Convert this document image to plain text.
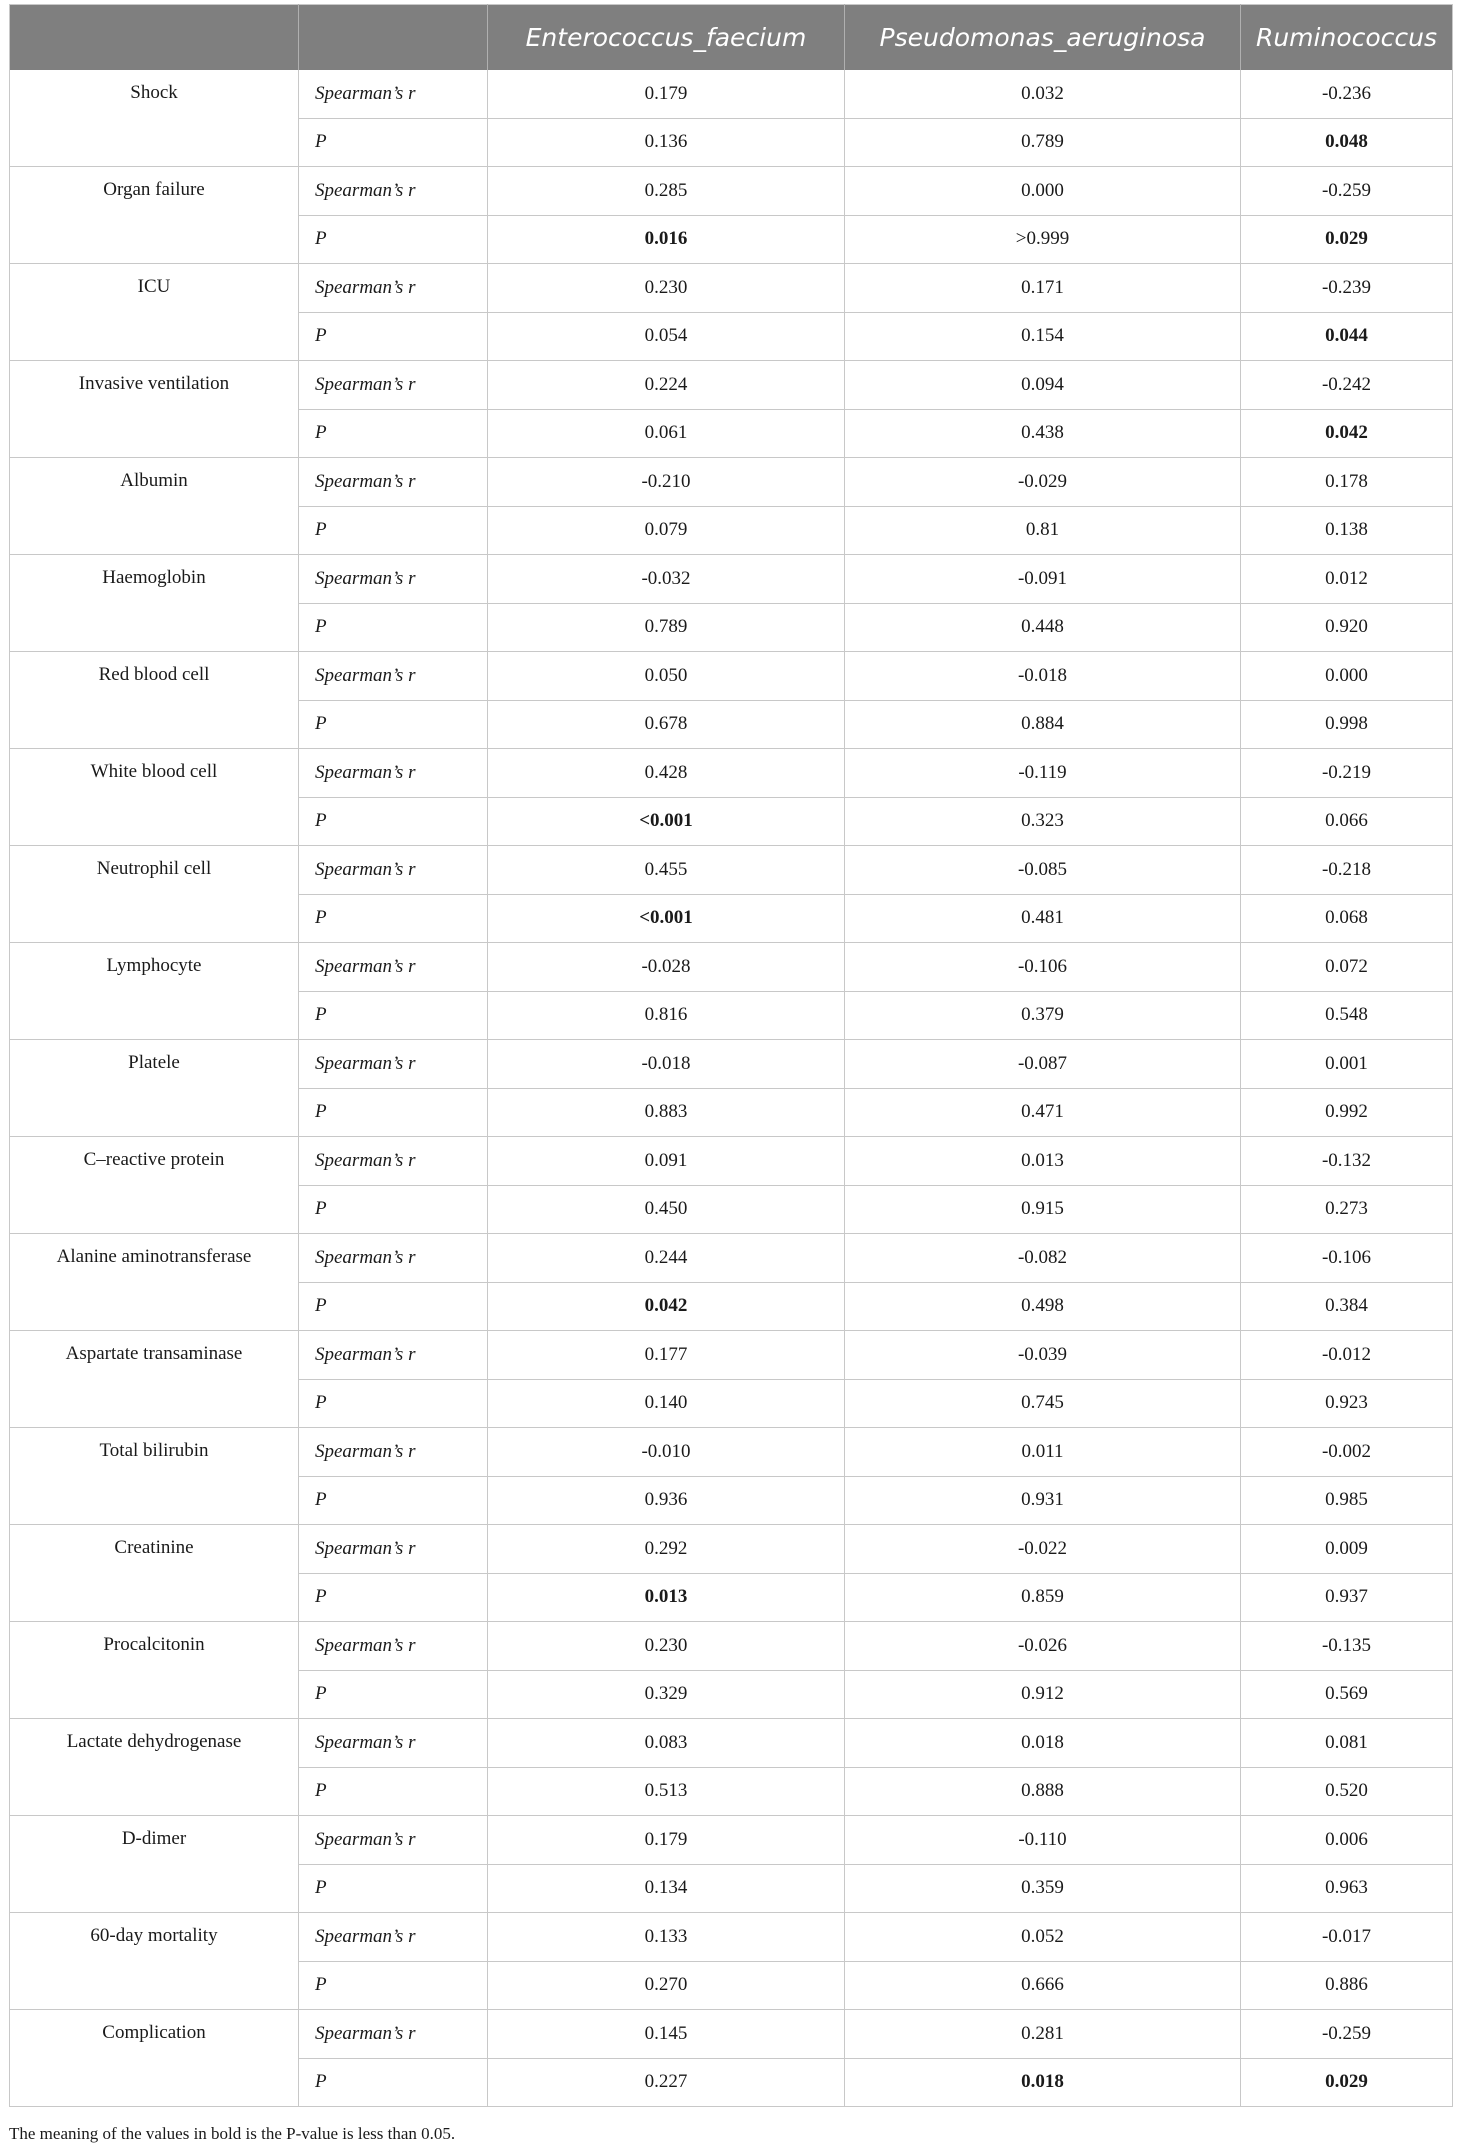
		Enterococcus_faecium	Pseudomonas_aeruginosa	Ruminococcus
Shock	Spearman’s r	0.179	0.032	-0.236
	P	0.136	0.789	0.048
Organ failure	Spearman’s r	0.285	0.000	-0.259
	P	0.016	>0.999	0.029
ICU	Spearman’s r	0.230	0.171	-0.239
	P	0.054	0.154	0.044
Invasive ventilation	Spearman’s r	0.224	0.094	-0.242
	P	0.061	0.438	0.042
Albumin	Spearman’s r	-0.210	-0.029	0.178
	P	0.079	0.81	0.138
Haemoglobin	Spearman’s r	-0.032	-0.091	0.012
	P	0.789	0.448	0.920
Red blood cell	Spearman’s r	0.050	-0.018	0.000
	P	0.678	0.884	0.998
White blood cell	Spearman’s r	0.428	-0.119	-0.219
	P	<0.001	0.323	0.066
Neutrophil cell	Spearman’s r	0.455	-0.085	-0.218
	P	<0.001	0.481	0.068
Lymphocyte	Spearman’s r	-0.028	-0.106	0.072
	P	0.816	0.379	0.548
Platele	Spearman’s r	-0.018	-0.087	0.001
	P	0.883	0.471	0.992
C–reactive protein	Spearman’s r	0.091	0.013	-0.132
	P	0.450	0.915	0.273
Alanine aminotransferase	Spearman’s r	0.244	-0.082	-0.106
	P	0.042	0.498	0.384
Aspartate transaminase	Spearman’s r	0.177	-0.039	-0.012
	P	0.140	0.745	0.923
Total bilirubin	Spearman’s r	-0.010	0.011	-0.002
	P	0.936	0.931	0.985
Creatinine	Spearman’s r	0.292	-0.022	0.009
	P	0.013	0.859	0.937
Procalcitonin	Spearman’s r	0.230	-0.026	-0.135
	P	0.329	0.912	0.569
Lactate dehydrogenase	Spearman’s r	0.083	0.018	0.081
	P	0.513	0.888	0.520
D-dimer	Spearman’s r	0.179	-0.110	0.006
	P	0.134	0.359	0.963
60-day mortality	Spearman’s r	0.133	0.052	-0.017
	P	0.270	0.666	0.886
Complication	Spearman’s r	0.145	0.281	-0.259
	P	0.227	0.018	0.029
The meaning of the values in bold is the P-value is less than 0.05.
